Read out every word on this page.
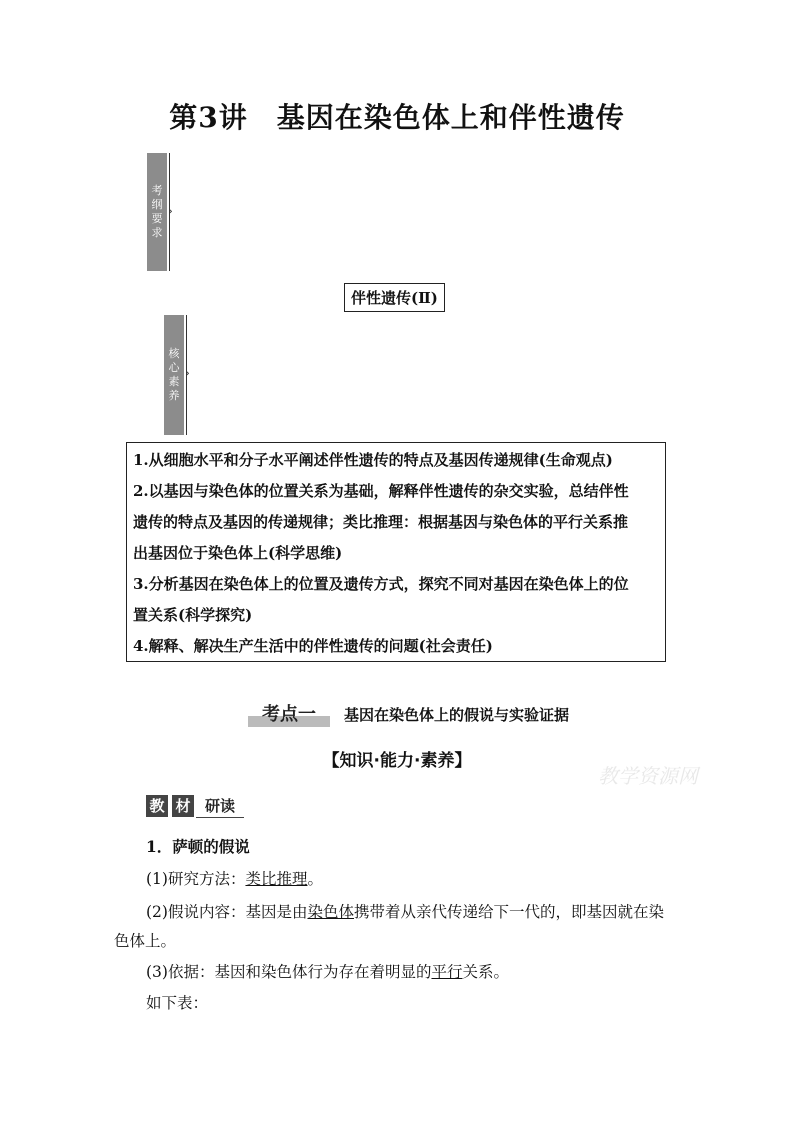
第3讲　基因在染色体上和伴性遗传
考
纲
要
求
›
伴性遗传(Ⅱ)
核
心
素
养
›

1.从细胞水平和分子水平阐述伴性遗传的特点及基因传递规律(生命观点)

2.以基因与染色体的位置关系为基础，解释伴性遗传的杂交实验，总结伴性

遗传的特点及基因的传递规律；类比推理：根据基因与染色体的平行关系推

出基因位于染色体上(科学思维)

3.分析基因在染色体上的位置及遗传方式，探究不同对基因在染色体上的位

置关系(科学探究)

4.解释、解决生产生活中的伴性遗传的问题(社会责任)

考点一	基因在染色体上的假说与实验证据
【知识·能力·素养】
教学资源网
教 材 研读
1．萨顿的假说
(1)研究方法：类比推理。
(2)假说内容：基因是由染色体携带着从亲代传递给下一代的，即基因就在染
色体上。
(3)依据：基因和染色体行为存在着明显的平行关系。
如下表：
